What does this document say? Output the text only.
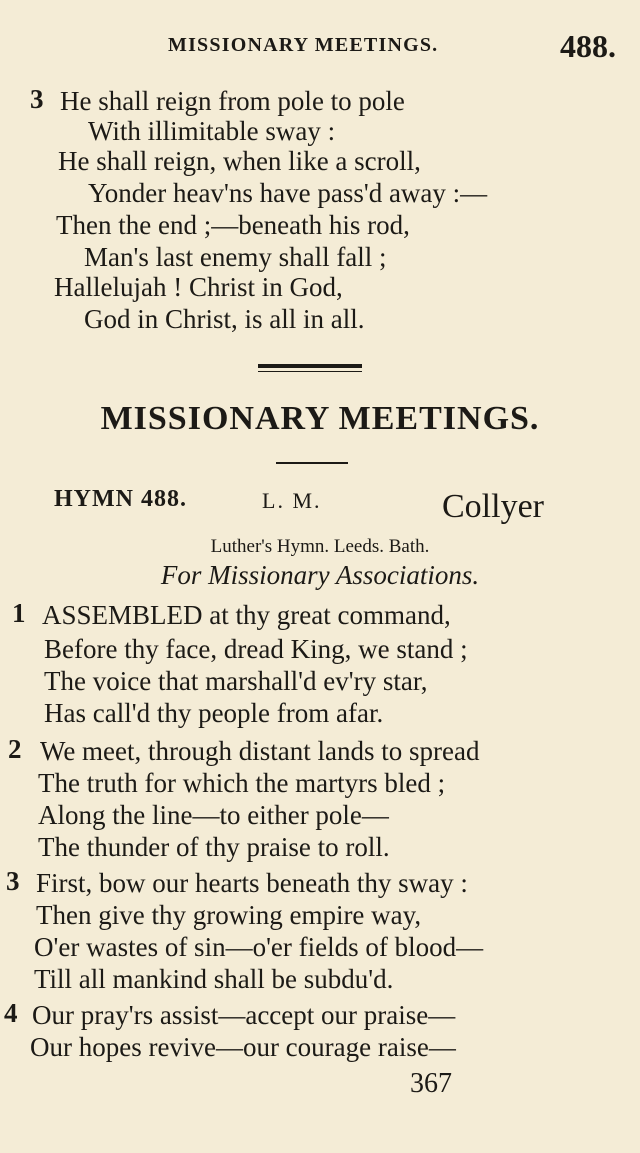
MISSIONARY MEETINGS.	488.
3 He shall reign from pole to pole
With illimitable sway :
He shall reign, when like a scroll,
Yonder heav'ns have pass'd away :—
Then the end ;—beneath his rod,
Man's last enemy shall fall ;
Hallelujah ! Christ in God,
God in Christ, is all in all.
MISSIONARY MEETINGS.
HYMN 488.	L. M.	Collyer
Luther's Hymn. Leeds. Bath.
For Missionary Associations.
1 ASSEMBLED at thy great command,
Before thy face, dread King, we stand ;
The voice that marshall'd ev'ry star,
Has call'd thy people from afar.
2 We meet, through distant lands to spread
The truth for which the martyrs bled ;
Along the line—to either pole—
The thunder of thy praise to roll.
3 First, bow our hearts beneath thy sway :
Then give thy growing empire way,
O'er wastes of sin—o'er fields of blood—
Till all mankind shall be subdu'd.
4 Our pray'rs assist—accept our praise—
Our hopes revive—our courage raise—
367
